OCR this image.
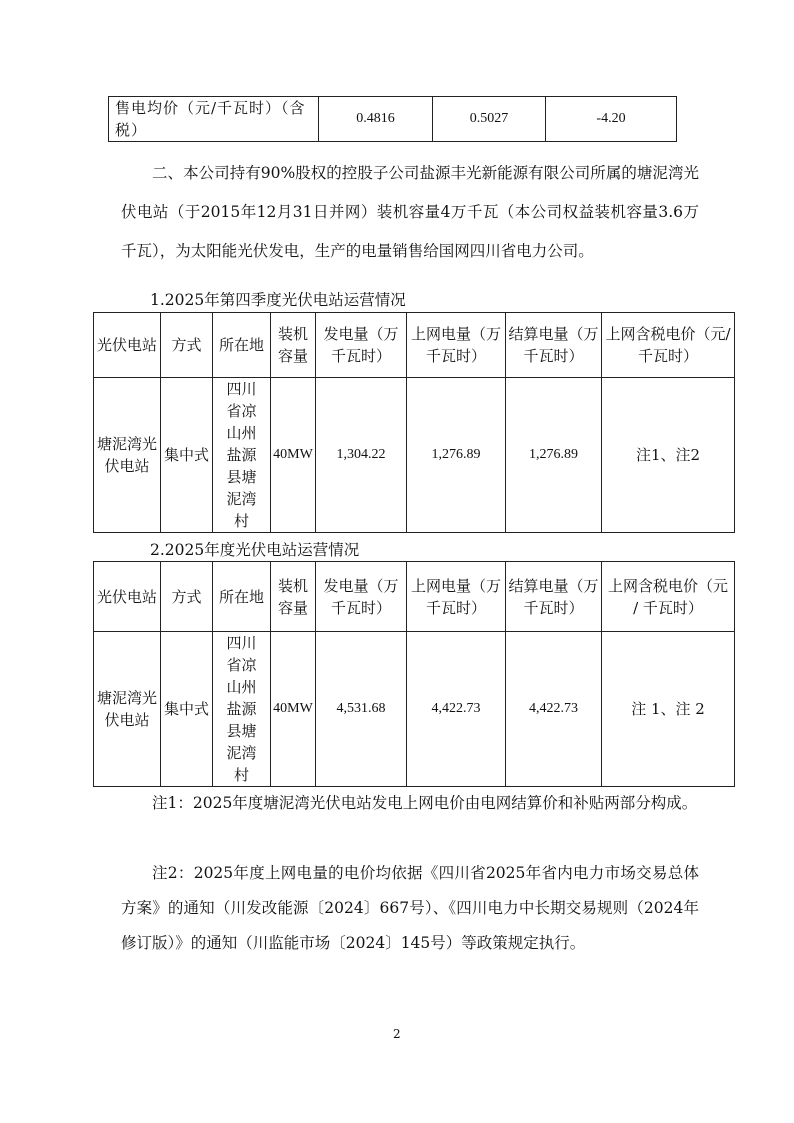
售电均价（元/千瓦时）（含税）	0.4816	0.5027	-4.20
二、本公司持有90%股权的控股子公司盐源丰光新能源有限公司所属的塘泥湾光伏电站（于2015年12月31日并网）装机容量4万千瓦（本公司权益装机容量3.6万千瓦），为太阳能光伏发电，生产的电量销售给国网四川省电力公司。
1.2025年第四季度光伏电站运营情况
光伏电站	方式	所在地	装机容量	发电量（万千瓦时）	上网电量（万千瓦时）	结算电量（万千瓦时）	上网含税电价（元/千瓦时）
塘泥湾光伏电站	集中式	四川省凉山州盐源县塘泥湾村	40MW	1,304.22	1,276.89	1,276.89	注1、注2
2.2025年度光伏电站运营情况
光伏电站	方式	所在地	装机容量	发电量（万千瓦时）	上网电量（万千瓦时）	结算电量（万千瓦时）	上网含税电价（元 / 千瓦时）
塘泥湾光伏电站	集中式	四川省凉山州盐源县塘泥湾村	40MW	4,531.68	4,422.73	4,422.73	注 1、注 2
注1：2025年度塘泥湾光伏电站发电上网电价由电网结算价和补贴两部分构成。
注2：2025年度上网电量的电价均依据《四川省2025年省内电力市场交易总体方案》的通知（川发改能源〔2024〕667号）、《四川电力中长期交易规则（2024年修订版）》的通知（川监能市场〔2024〕145号）等政策规定执行。
2
